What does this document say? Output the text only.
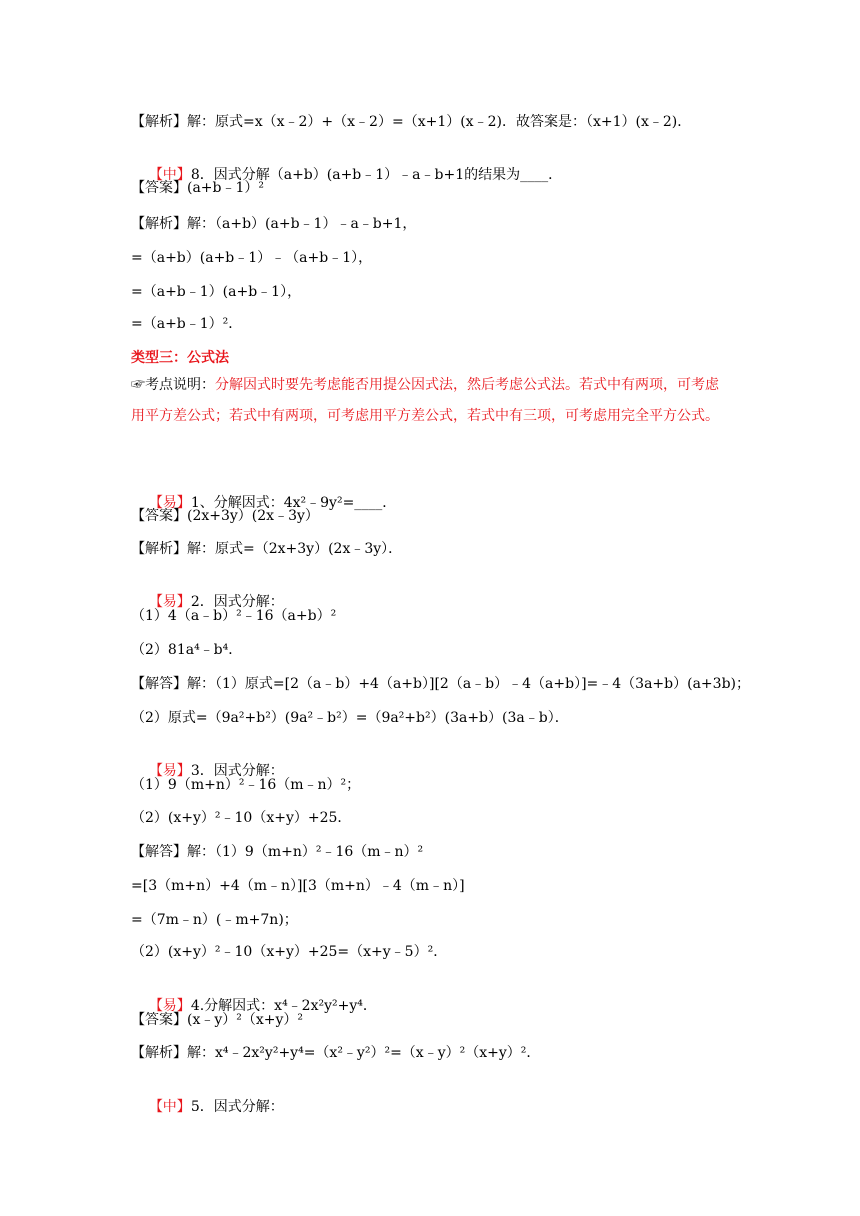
【解析】解：原式=x（x﹣2）+（x﹣2）=（x+1）(x﹣2)．故答案是：（x+1）(x﹣2)．

【中】8．因式分解（a+b）(a+b﹣1）﹣a﹣b+1的结果为____．

【答案】(a+b﹣1）²
【解析】解：（a+b）(a+b﹣1）﹣a﹣b+1，
=（a+b）(a+b﹣1）﹣（a+b﹣1），
=（a+b﹣1）(a+b﹣1），
=（a+b﹣1）²．
类型三：公式法
☞考点说明：分解因式时要先考虑能否用提公因式法，然后考虑公式法。若式中有两项，可考虑用平方差公式；若式中有两项，可考虑用平方差公式，若式中有三项，可考虑用完全平方公式。

【易】1、分解因式：4x²﹣9y²=____．

【答案】(2x+3y）(2x﹣3y）
【解析】解：原式=（2x+3y）(2x﹣3y）．

【易】2．因式分解：

（1）4（a﹣b）²﹣16（a+b）²
（2）81a⁴﹣b⁴．
【解答】解：（1）原式=[2（a﹣b）+4（a+b）][2（a﹣b）﹣4（a+b）]=﹣4（3a+b）(a+3b)；
（2）原式=（9a²+b²）(9a²﹣b²）=（9a²+b²）(3a+b）(3a﹣b）．

【易】3．因式分解：

（1）9（m+n）²﹣16（m﹣n）²；
（2）(x+y）²﹣10（x+y）+25．
【解答】解：（1）9（m+n）²﹣16（m﹣n）²
=[3（m+n）+4（m﹣n）][3（m+n）﹣4（m﹣n）]
=（7m﹣n）(﹣m+7n)；
（2）(x+y）²﹣10（x+y）+25=（x+y﹣5）²．

【易】4.分解因式：x⁴﹣2x²y²+y⁴．

【答案】(x﹣y）²（x+y）²
【解析】解：x⁴﹣2x²y²+y⁴=（x²﹣y²）²=（x﹣y）²（x+y）²．

【中】5．因式分解：
